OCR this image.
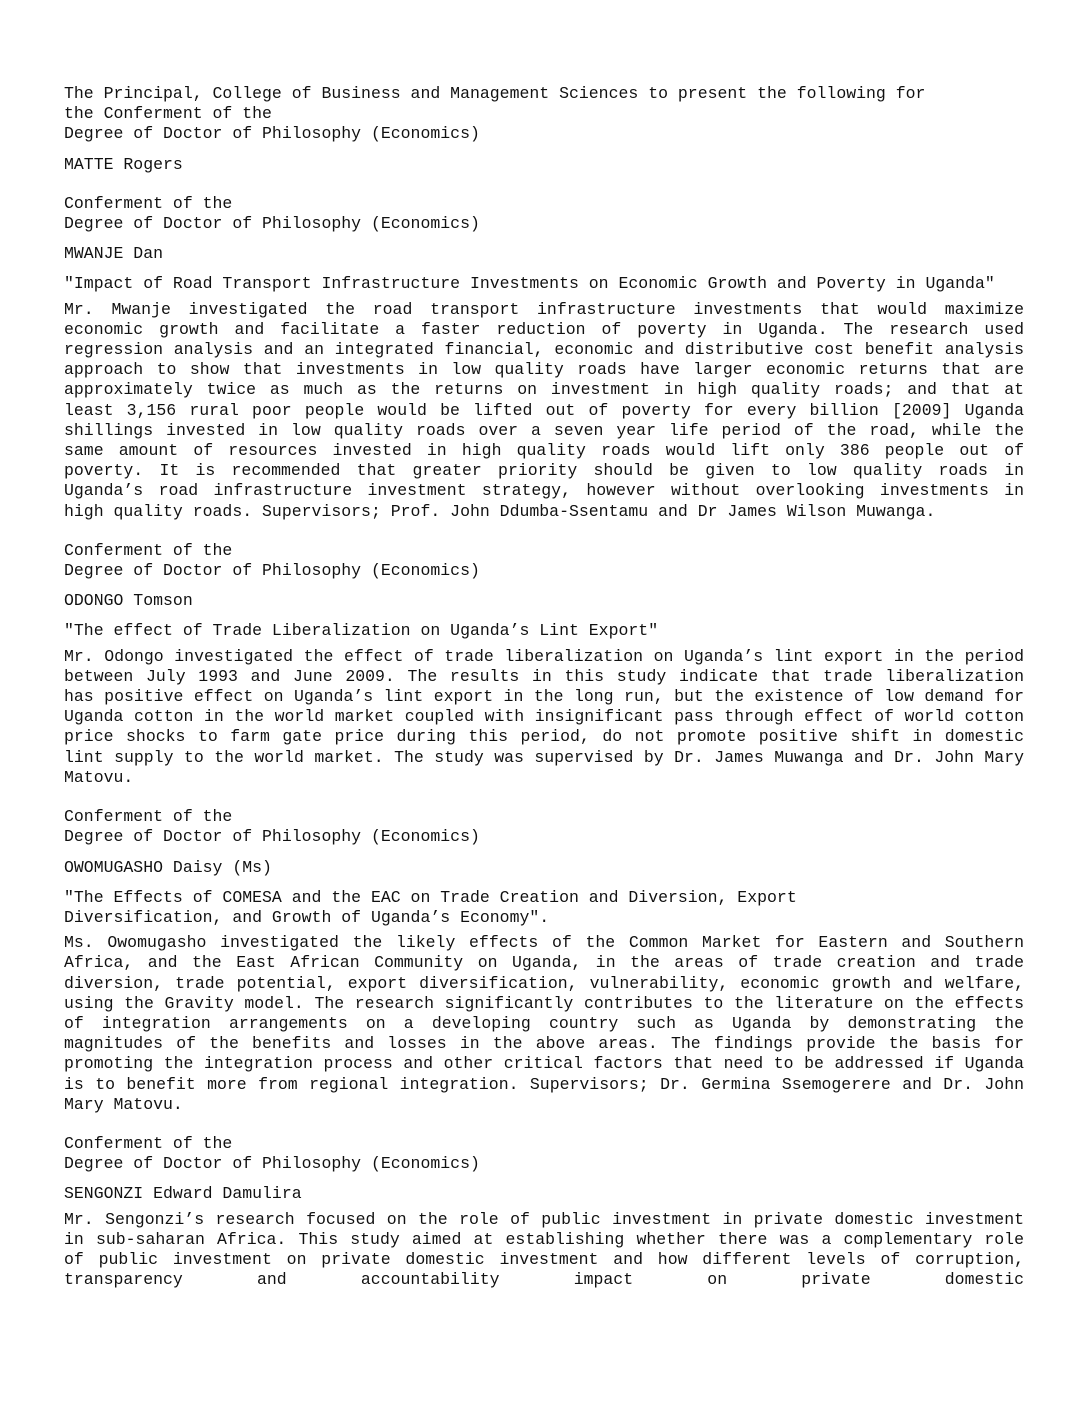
The Principal, College of Business and Management Sciences to present the following for
the Conferment of the
Degree of Doctor of Philosophy (Economics)
MATTE Rogers
Conferment of the
Degree of Doctor of Philosophy (Economics)
MWANJE Dan
"Impact of Road Transport Infrastructure Investments on Economic Growth and Poverty in Uganda"
Mr. Mwanje investigated the road transport infrastructure investments that would maximize economic growth and facilitate a faster reduction of poverty in Uganda. The research used regression analysis and an integrated financial, economic and distributive cost benefit analysis approach to show that investments in low quality roads have larger economic returns that are approximately twice as much as the returns on investment in high quality roads; and that at least 3,156 rural poor people would be lifted out of poverty for every billion [2009] Uganda shillings invested in low quality roads over a seven year life period of the road, while the same amount of resources invested in high quality roads would lift only 386 people out of poverty. It is recommended that greater priority should be given to low quality roads in Uganda’s road infrastructure investment strategy, however without overlooking investments in high quality roads. Supervisors; Prof. John Ddumba-Ssentamu and Dr James Wilson Muwanga.
Conferment of the
Degree of Doctor of Philosophy (Economics)
ODONGO Tomson
"The effect of Trade Liberalization on Uganda’s Lint Export"
Mr. Odongo investigated the effect of trade liberalization on Uganda’s lint export in the period between July 1993 and June 2009. The results in this study indicate that trade liberalization has positive effect on Uganda’s lint export in the long run, but the existence of low demand for Uganda cotton in the world market coupled with insignificant pass through effect of world cotton price shocks to farm gate price during this period, do not promote positive shift in domestic lint supply to the world market. The study was supervised by Dr. James Muwanga and Dr. John Mary Matovu.
Conferment of the
Degree of Doctor of Philosophy (Economics)
OWOMUGASHO Daisy (Ms)
"The Effects of COMESA and the EAC on Trade Creation and Diversion, Export
Diversification, and Growth of Uganda’s Economy".
Ms. Owomugasho investigated the likely effects of the Common Market for Eastern and Southern Africa, and the East African Community on Uganda, in the areas of trade creation and trade diversion, trade potential, export diversification, vulnerability, economic growth and welfare, using the Gravity model. The research significantly contributes to the literature on the effects of integration arrangements on a developing country such as Uganda by demonstrating the magnitudes of the benefits and losses in the above areas. The findings provide the basis for promoting the integration process and other critical factors that need to be addressed if Uganda is to benefit more from regional integration. Supervisors; Dr. Germina Ssemogerere and Dr. John Mary Matovu.
Conferment of the
Degree of Doctor of Philosophy (Economics)
SENGONZI Edward Damulira
Mr. Sengonzi’s research focused on the role of public investment in private domestic investment in sub-saharan Africa. This study aimed at establishing whether there was a complementary role of public investment on private domestic investment and how different levels of corruption, transparency and accountability impact on private domestic
